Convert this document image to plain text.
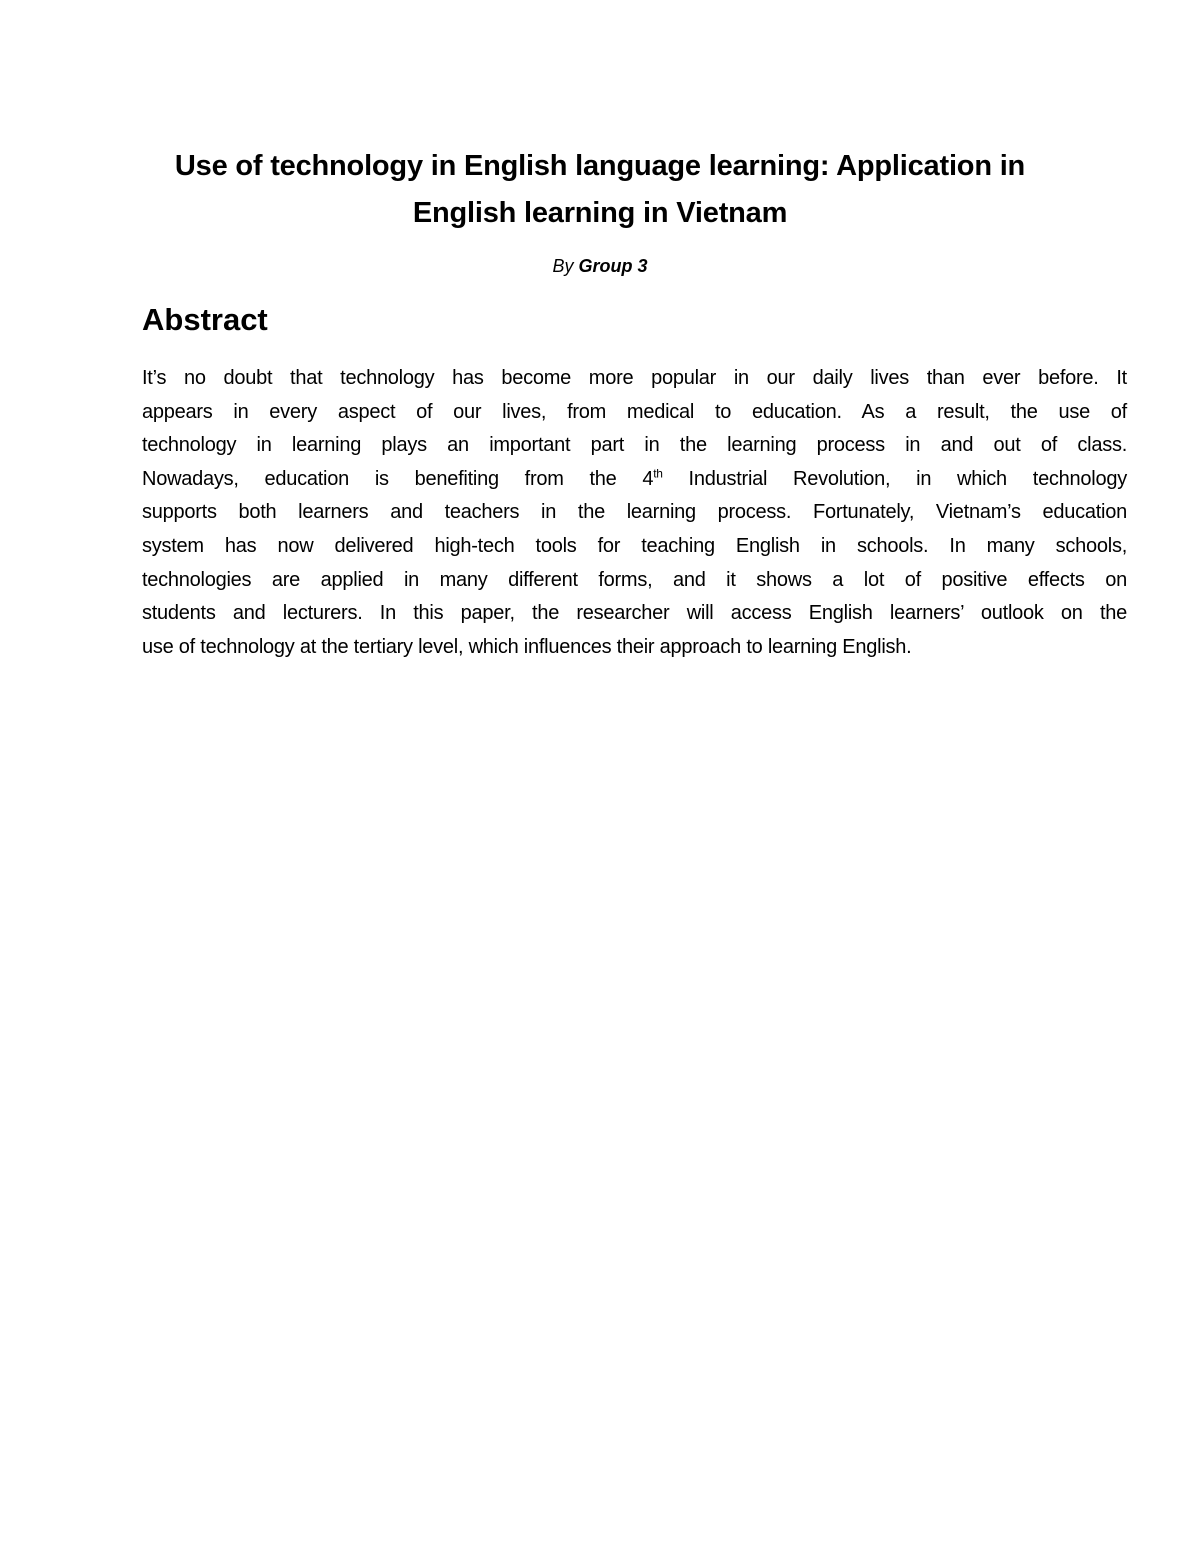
Use of technology in English language learning: Application in
English learning in Vietnam
By Group 3
Abstract
It’s no doubt that technology has become more popular in our daily lives than ever before. It
appears in every aspect of our lives, from medical to education. As a result, the use of
technology in learning plays an important part in the learning process in and out of class.
Nowadays, education is benefiting from the 4th Industrial Revolution, in which technology
supports both learners and teachers in the learning process. Fortunately, Vietnam’s education
system has now delivered high-tech tools for teaching English in schools. In many schools,
technologies are applied in many different forms, and it shows a lot of positive effects on
students and lecturers. In this paper, the researcher will access English learners’ outlook on the
use of technology at the tertiary level, which influences their approach to learning English.
